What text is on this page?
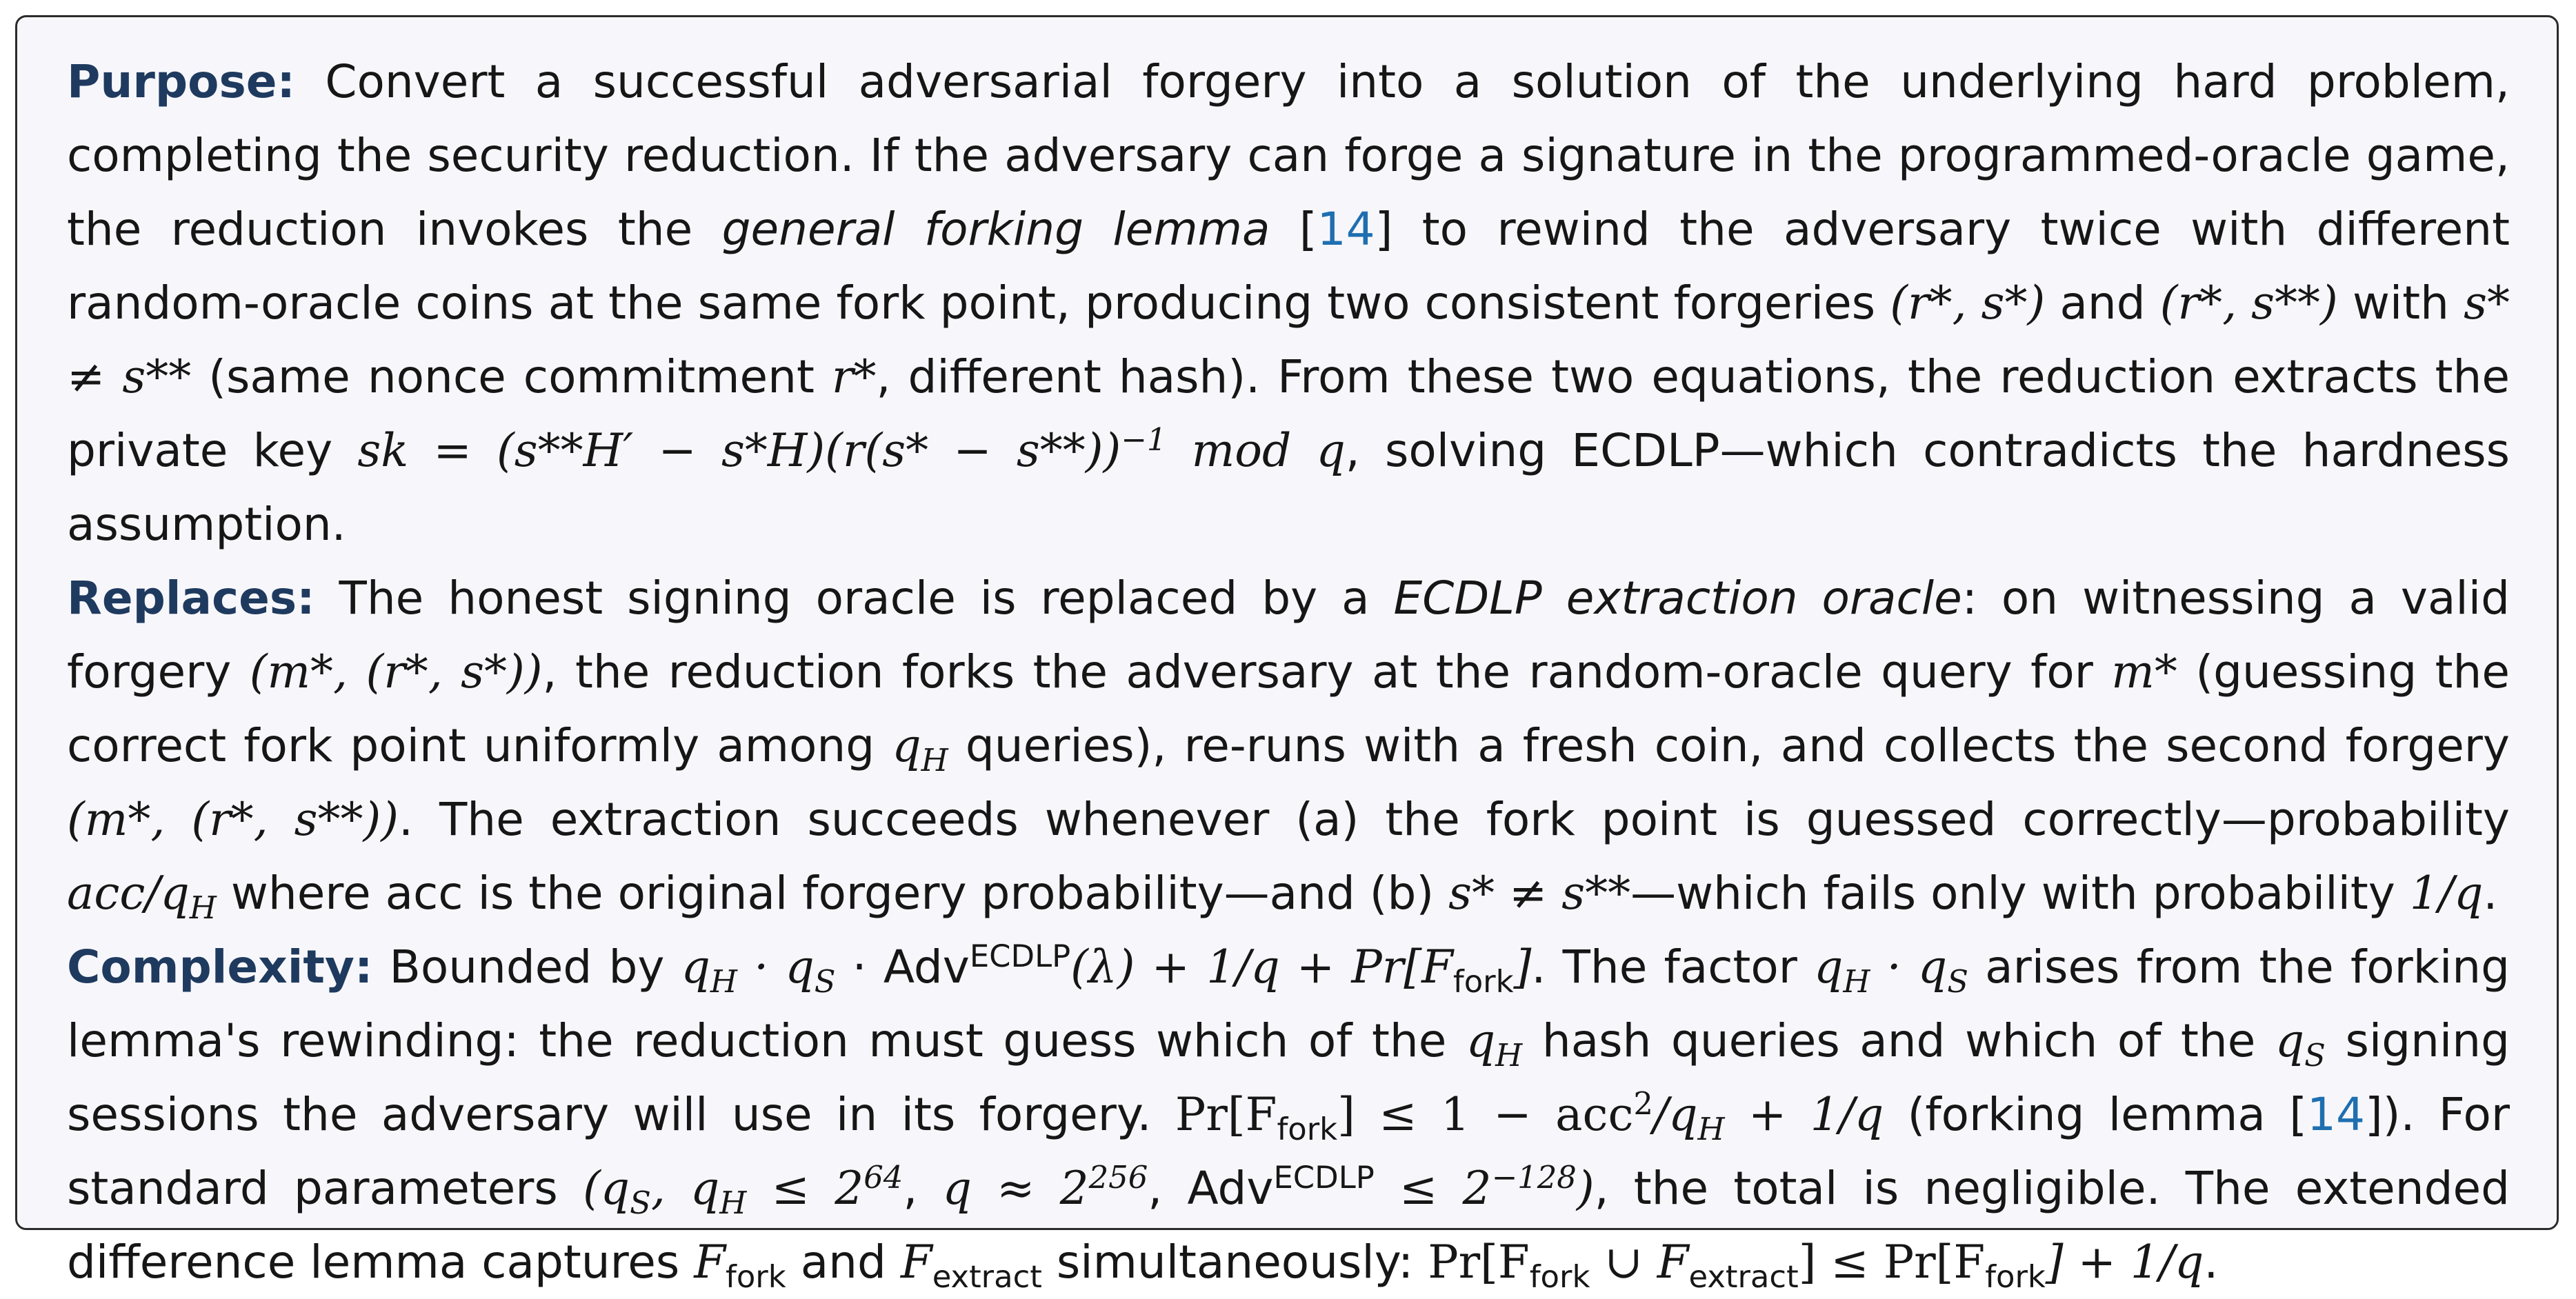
Purpose: Convert a successful adversarial forgery into a solution of the underlying hard problem, completing the security reduction. If the adversary can forge a signature in the programmed-oracle game, the reduction invokes the general forking lemma [14] to rewind the adversary twice with different random-oracle coins at the same fork point, producing two consistent forgeries (r*, s*) and (r*, s**) with s* ≠ s** (same nonce commitment r*, different hash). From these two equations, the reduction extracts the private key sk = $(s**H' - s*H)(r(s* - s**))^{-1}$ mod q, solving ECDLP—which contradicts the hardness assumption.

Replaces: The honest signing oracle is replaced by a ECDLP extraction oracle: on witnessing a valid forgery (m*, (r*, s*)), the reduction forks the adversary at the random-oracle query for m* (guessing the correct fork point uniformly among $q_H$ queries), re-runs with a fresh coin, and collects the second forgery (m*, (r*, s**)). The extraction succeeds whenever (a) the fork point is guessed correctly—probability acc/$q_H$ where acc is the original forgery probability—and (b) s* ≠ s**—which fails only with probability 1/q.

Complexity: Bounded by $q_H \cdot q_S \cdot Adv^{ECDLP}(\lambda) + 1/q + Pr[F_{fork}]$. The factor $q_H \cdot q_S$ arises from the forking lemma's rewinding: the reduction must guess which of the $q_H$ hash queries and which of the $q_S$ signing sessions the adversary will use in its forgery. $Pr[F_{fork}] \le 1 - acc^2/q_H + 1/q$ (forking lemma [14]). For standard parameters ($q_S$, $q_H \le 2^{64}$, $q \approx 2^{256}$, $Adv^{ECDLP} \le 2^{-128}$), the total is negligible. The extended difference lemma captures $F_{fork}$ and $F_{extract}$ simultaneously: $Pr[F_{fork}$ ∪ $F_{extract}] \le Pr[F_{fork}] + 1/q$.
